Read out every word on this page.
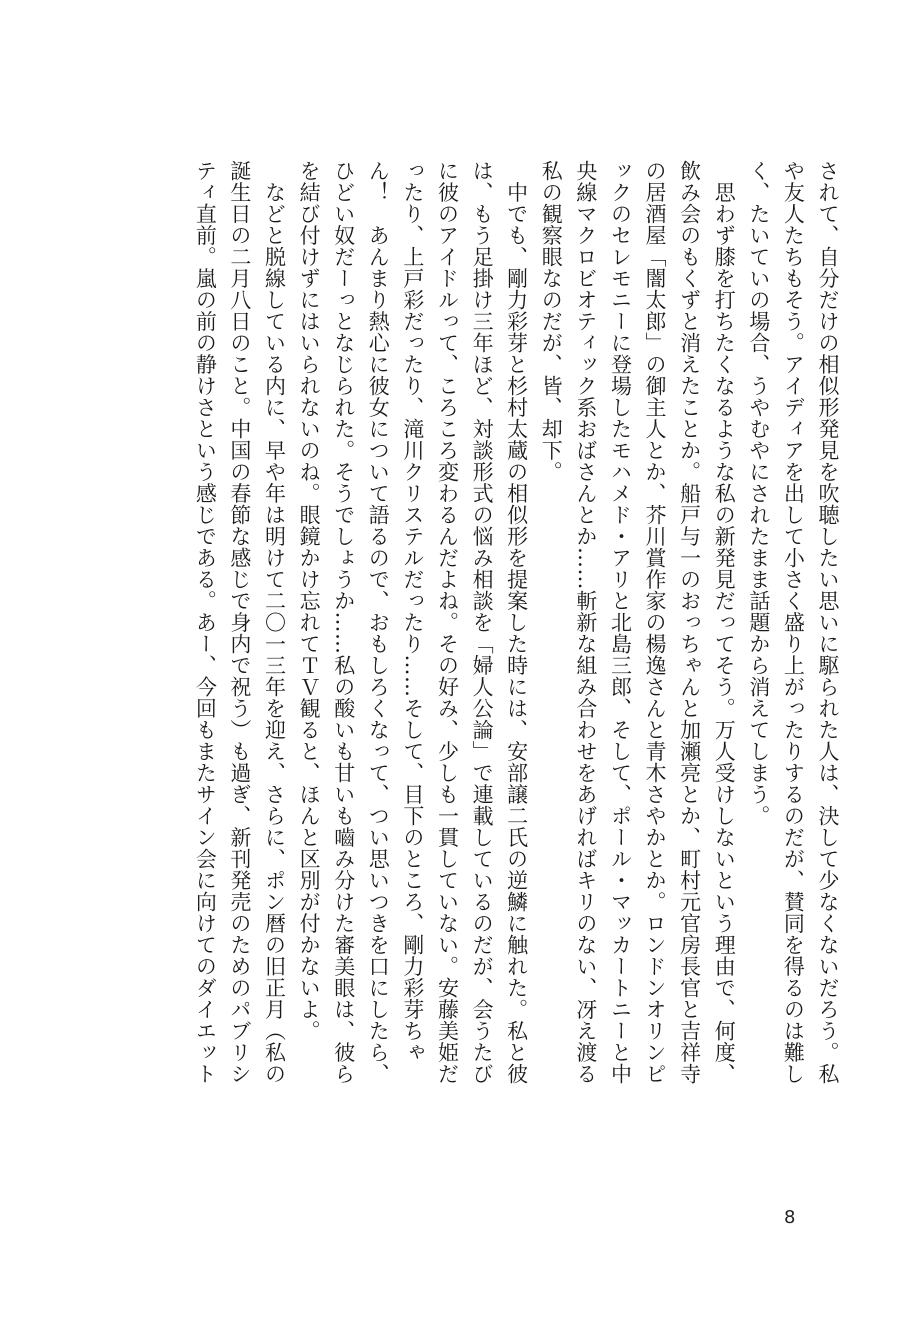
されて、自分だけの相似形発見を吹聴したい思いに駆られた人は、決して少なくないだろう。私

や友人たちもそう。アイディアを出して小さく盛り上がったりするのだが、賛同を得るのは難し

く、たいていの場合、うやむやにされたまま話題から消えてしまう。

　思わず膝を打ちたくなるような私の新発見だってそう。万人受けしないという理由で、何度、

飲み会のもくずと消えたことか。船戸与一のおっちゃんと加瀬亮とか、町村元官房長官と吉祥寺

の居酒屋「闇太郎」の御主人とか、芥川賞作家の楊逸さんと青木さやかとか。ロンドンオリンピ

ックのセレモニーに登場したモハメド・アリと北島三郎、そして、ポール・マッカートニーと中

央線マクロビオティック系おばさんとか……斬新な組み合わせをあげればキリのない、冴え渡る

私の観察眼なのだが、皆、却下。

　中でも、剛力彩芽と杉村太蔵の相似形を提案した時には、安部譲二氏の逆鱗に触れた。私と彼

は、もう足掛け三年ほど、対談形式の悩み相談を「婦人公論」で連載しているのだが、会うたび

に彼のアイドルって、ころころ変わるんだよね。その好み、少しも一貫していない。安藤美姫だ

ったり、上戸彩だったり、滝川クリステルだったり……そして、目下のところ、剛力彩芽ちゃ

ん！　あんまり熱心に彼女について語るので、おもしろくなって、つい思いつきを口にしたら、

ひどい奴だーっとなじられた。そうでしょうか……私の酸いも甘いも嚙み分けた審美眼は、彼ら

を結び付けずにはいられないのね。眼鏡かけ忘れてＴＶ観ると、ほんと区別が付かないよ。

　などと脱線している内に、早や年は明けて二〇一三年を迎え、さらに、ポン暦の旧正月（私の

誕生日の二月八日のこと。中国の春節な感じで身内で祝う）も過ぎ、新刊発売のためのパブリシ

ティ直前。嵐の前の静けさという感じである。あー、今回もまたサイン会に向けてのダイエット

8
